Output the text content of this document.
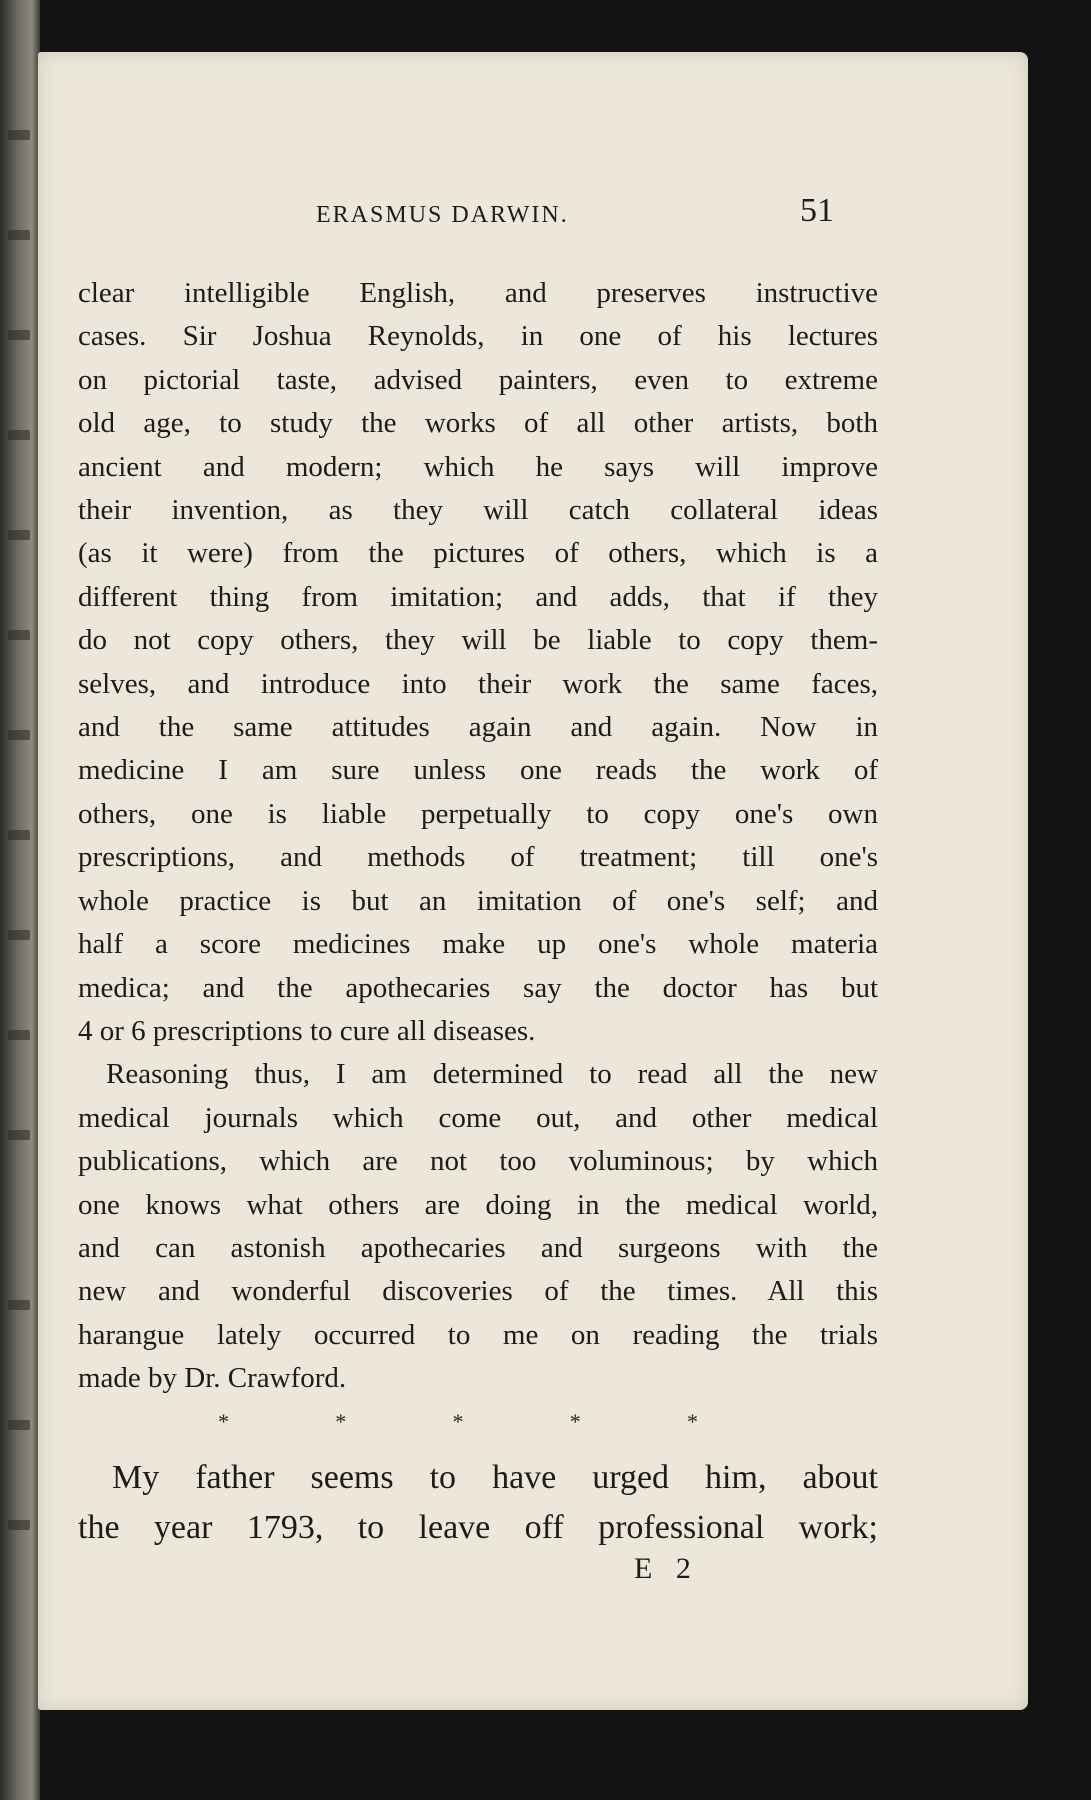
ERASMUS DARWIN.	51
clear intelligible English, and preserves instructive
cases. Sir Joshua Reynolds, in one of his lectures
on pictorial taste, advised painters, even to extreme
old age, to study the works of all other artists, both
ancient and modern; which he says will improve
their invention, as they will catch collateral ideas
(as it were) from the pictures of others, which is a
different thing from imitation; and adds, that if they
do not copy others, they will be liable to copy them-
selves, and introduce into their work the same faces,
and the same attitudes again and again. Now in
medicine I am sure unless one reads the work of
others, one is liable perpetually to copy one's own
prescriptions, and methods of treatment; till one's
whole practice is but an imitation of one's self; and
half a score medicines make up one's whole materia
medica; and the apothecaries say the doctor has but
4 or 6 prescriptions to cure all diseases.
Reasoning thus, I am determined to read all the new
medical journals which come out, and other medical
publications, which are not too voluminous; by which
one knows what others are doing in the medical world,
and can astonish apothecaries and surgeons with the
new and wonderful discoveries of the times. All this
harangue lately occurred to me on reading the trials
made by Dr. Crawford.
*	*	*	*	*
My father seems to have urged him, about
the year 1793, to leave off professional work;
E 2
